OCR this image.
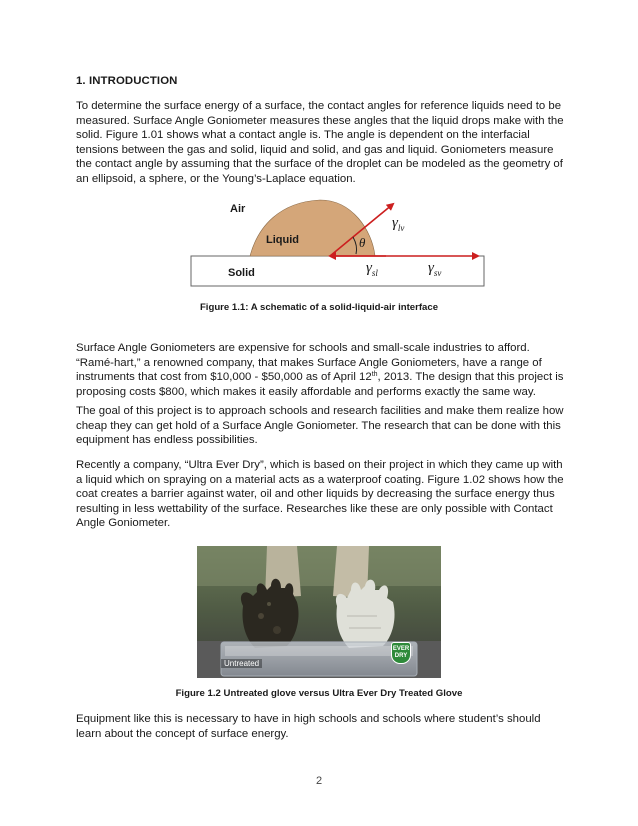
1. INTRODUCTION

To determine the surface energy of a surface, the contact angles for reference liquids need to be measured. Surface Angle Goniometer measures these angles that the liquid drops make with the solid. Figure 1.01 shows what a contact angle is. The angle is dependent on the interfacial tensions between the gas and solid, liquid and solid, and gas and liquid. Goniometers measure the contact angle by assuming that the surface of the droplet can be modeled as the geometry of an ellipsoid, a sphere, or the Young’s-Laplace equation.

Air
Liquid
Solid
θ
$\gamma_{lv}$
$\gamma_{sl}$	$\gamma_{sv}$
Figure 1.1: A schematic of a solid-liquid-air interface

Surface Angle Goniometers are expensive for schools and small-scale industries to afford. “Ramé-hart,” a renowned company, that makes Surface Angle Goniometers, have a range of instruments that cost from $10,000 - $50,000 as of April 12th, 2013. The design that this project is proposing costs $800, which makes it easily affordable and performs exactly the same way.

The goal of this project is to approach schools and research facilities and make them realize how cheap they can get hold of a Surface Angle Goniometer. The research that can be done with this equipment has endless possibilities.

Recently a company, “Ultra Ever Dry”, which is based on their project in which they came up with a liquid which on spraying on a material acts as a waterproof coating. Figure 1.02 shows how the coat creates a barrier against water, oil and other liquids by decreasing the surface energy thus resulting in less wettability of the surface. Researches like these are only possible with Contact Angle Goniometer.

Untreated
EVER
DRY
Figure 1.2 Untreated glove versus Ultra Ever Dry Treated Glove

Equipment like this is necessary to have in high schools and schools where student’s should learn about the concept of surface energy.

2
